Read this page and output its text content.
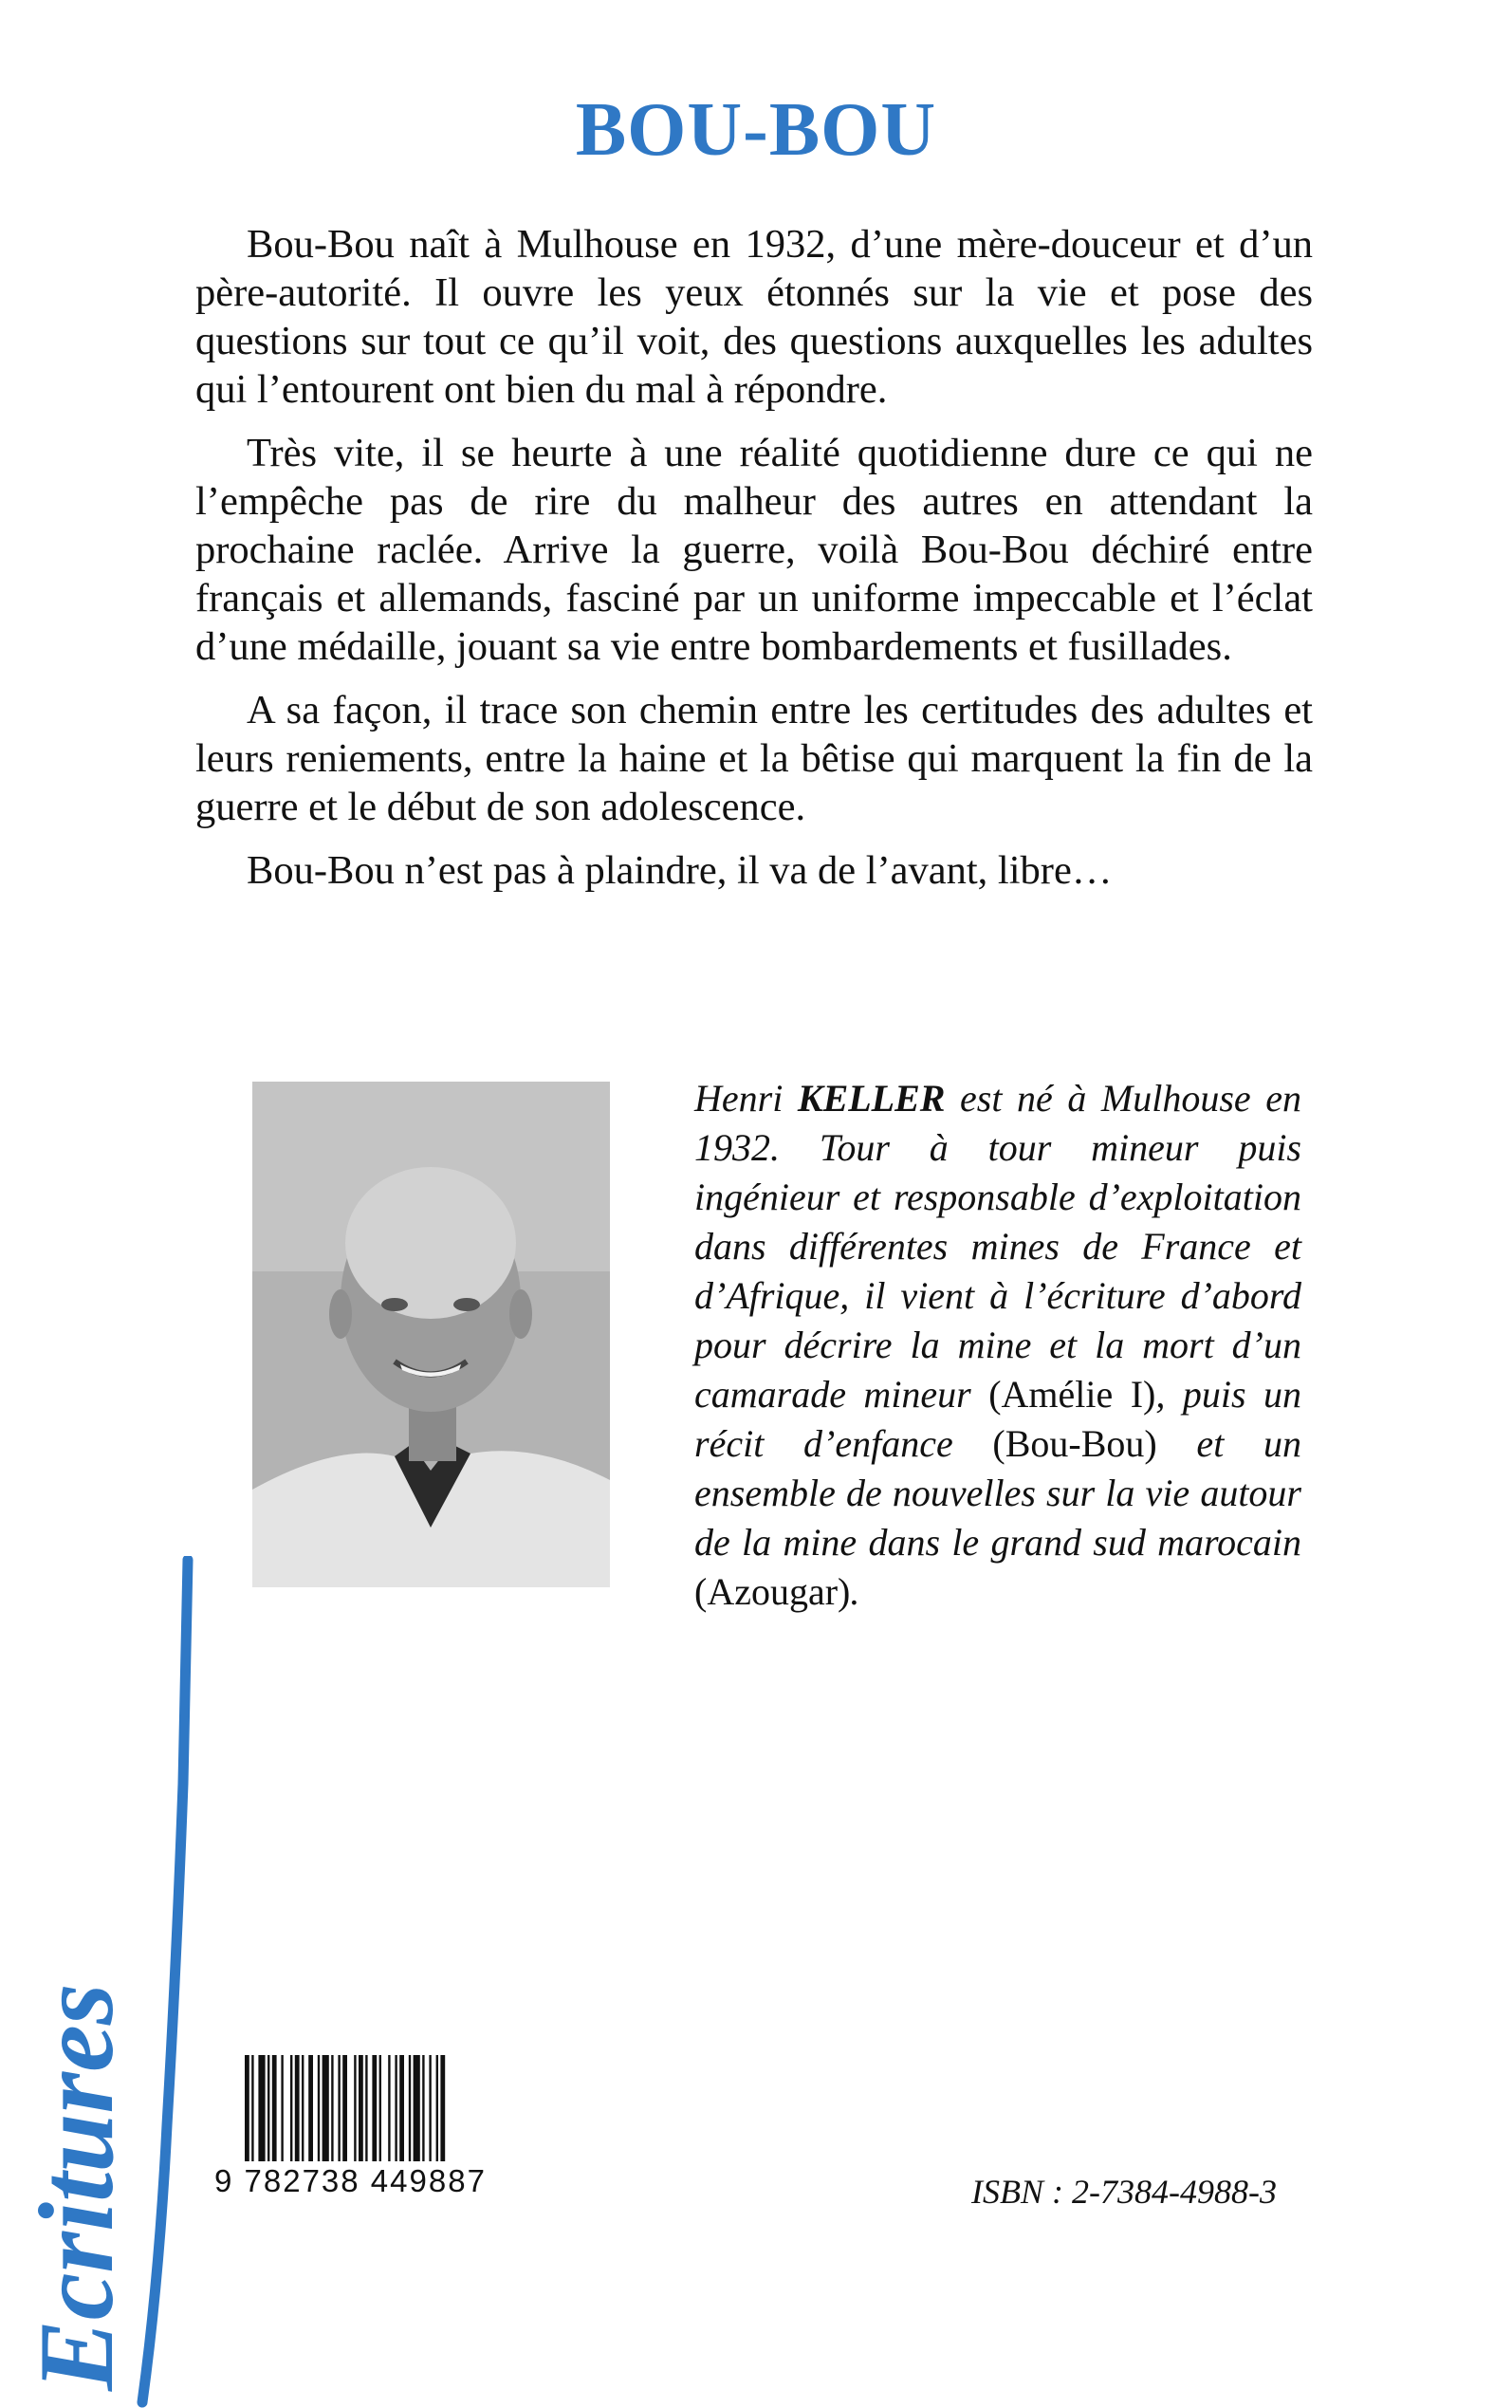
BOU-BOU

Bou-Bou naît à Mulhouse en 1932, d’une mère-douceur et d’un père-autorité. Il ouvre les yeux étonnés sur la vie et pose des questions sur tout ce qu’il voit, des questions auxquelles les adultes qui l’entourent ont bien du mal à répondre.

Très vite, il se heurte à une réalité quotidienne dure ce qui ne l’empêche pas de rire du malheur des autres en attendant la prochaine raclée. Arrive la guerre, voilà Bou-Bou déchiré entre français et allemands, fasciné par un uniforme impeccable et l’éclat d’une médaille, jouant sa vie entre bombardements et fusillades.

A sa façon, il trace son chemin entre les certitudes des adultes et leurs reniements, entre la haine et la bêtise qui marquent la fin de la guerre et le début de son adolescence.

Bou-Bou n’est pas à plaindre, il va de l’avant, libre…

Henri KELLER est né à Mulhouse en 1932. Tour à tour mineur puis ingénieur et responsable d’exploitation dans différentes mines de France et d’Afrique, il vient à l’écriture d’abord pour décrire la mine et la mort d’un camarade mineur (Amélie I), puis un récit d’enfance (Bou-Bou) et un ensemble de nouvelles sur la vie autour de la mine dans le grand sud marocain (Azougar).
Ecritures	9 782738 449887	ISBN : 2-7384-4988-3
